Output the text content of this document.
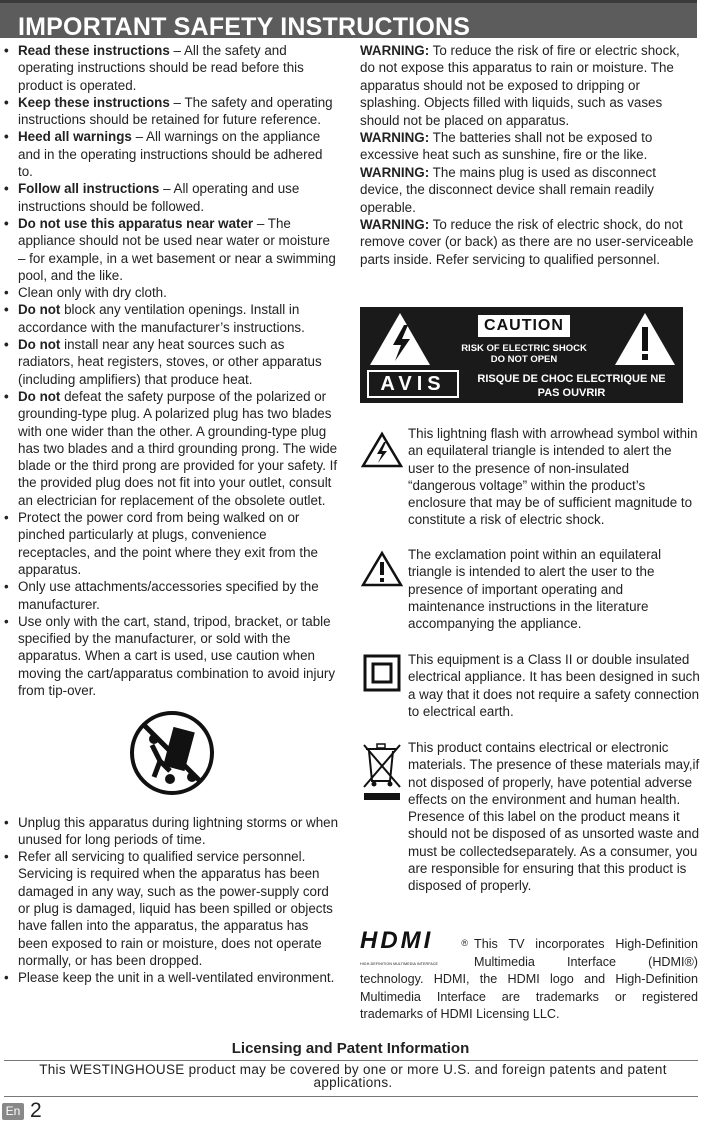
IMPORTANT SAFETY INSTRUCTIONS
• Read these instructions – All the safety and operating instructions should be read before this product is operated.
• Keep these instructions – The safety and operating instructions should be retained for future reference.
• Heed all warnings – All warnings on the appliance and in the operating instructions should be adhered to.
• Follow all instructions – All operating and use instructions should be followed.
• Do not use this apparatus near water – The appliance should not be used near water or moisture – for example, in a wet basement or near a swimming pool, and the like.
• Clean only with dry cloth.
• Do not block any ventilation openings. Install in accordance with the manufacturer’s instructions.
• Do not install near any heat sources such as radiators, heat registers, stoves, or other apparatus (including amplifiers) that produce heat.
• Do not defeat the safety purpose of the polarized or grounding-type plug. A polarized plug has two blades with one wider than the other. A grounding-type plug has two blades and a third grounding prong. The wide blade or the third prong are provided for your safety. If the provided plug does not fit into your outlet, consult an electrician for replacement of the obsolete outlet.
• Protect the power cord from being walked on or pinched particularly at plugs, convenience receptacles, and the point where they exit from the apparatus.
• Only use attachments/accessories specified by the manufacturer.
• Use only with the cart, stand, tripod, bracket, or table specified by the manufacturer, or sold with the apparatus. When a cart is used, use caution when moving the cart/apparatus combination to avoid injury from tip-over.
• Unplug this apparatus during lightning storms or when unused for long periods of time.
• Refer all servicing to qualified service personnel. Servicing is required when the apparatus has been damaged in any way, such as the power-supply cord or plug is damaged, liquid has been spilled or objects have fallen into the apparatus, the apparatus has been exposed to rain or moisture, does not operate normally, or has been dropped.
• Please keep the unit in a well-ventilated environment.

WARNING: To reduce the risk of fire or electric shock, do not expose this apparatus to rain or moisture. The apparatus should not be exposed to dripping or splashing. Objects filled with liquids, such as vases should not be placed on apparatus.

WARNING: The batteries shall not be exposed to excessive heat such as sunshine, fire or the like.

WARNING: The mains plug is used as disconnect device, the disconnect device shall remain readily operable.

WARNING: To reduce the risk of electric shock, do not remove cover (or back) as there are no user-serviceable parts inside. Refer servicing to qualified personnel.

CAUTION
RISK OF ELECTRIC SHOCK
DO NOT OPEN
AVIS	RISQUE DE CHOC ELECTRIQUE NE
PAS OUVRIR
This lightning flash with arrowhead symbol within an equilateral triangle is intended to alert the user to the presence of non-insulated “dangerous voltage” within the product’s enclosure that may be of sufficient magnitude to constitute a risk of electric shock.
The exclamation point within an equilateral triangle is intended to alert the user to the presence of important operating and maintenance instructions in the literature accompanying the appliance.
This equipment is a Class II or double insulated electrical appliance. It has been designed in such a way that it does not require a safety connection to electrical earth.
This product contains electrical or electronic materials. The presence of these materials may,if not disposed of properly, have potential adverse effects on the environment and human health.
Presence of this label on the product means it should not be disposed of as unsorted waste and must be collectedseparately. As a consumer, you are responsible for ensuring that this product is disposed of properly.
HDMI	®
HIGH-DEFINITION MULTIMEDIA INTERFACE
This TV incorporates High-Definition Multimedia Interface (HDMI®) technology. HDMI, the HDMI logo and High-Definition Multimedia Interface are trademarks or registered trademarks of HDMI Licensing LLC.
Licensing and Patent Information
This WESTINGHOUSE product may be covered by one or more U.S. and foreign patents and patent applications.
En 2
